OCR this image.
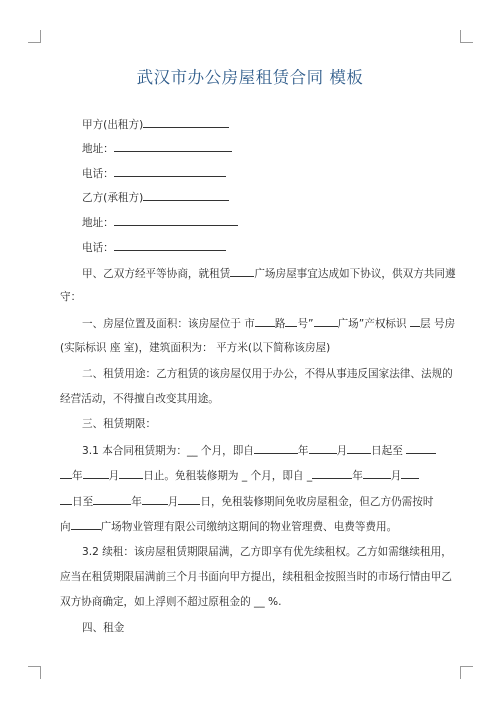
武汉市办公房屋租赁合同 模板
甲方(出租方)
地址：
电话：
乙方(承租方)
地址：
电话：
甲、乙双方经平等协商，就租赁 广场房屋事宜达成如下协议，供双方共同遵
守：
一、房屋位置及面积：该房屋位于 市 路 号” 广场”产权标识 层 号房
(实际标识 座 室)，建筑面积为： 平方米(以下简称该房屋)
二、租赁用途：乙方租赁的该房屋仅用于办公，不得从事违反国家法律、法规的
经营活动，不得擅自改变其用途。
三、租赁期限：
3.1 本合同租赁期为：__ 个月，即自	年	月 日起至
年 月 日止。免租装修期为 _ 个月，即自 _	年	月
日至	年 月 日，免租装修期间免收房屋租金，但乙方仍需按时
向	广场物业管理有限公司缴纳这期间的物业管理费、电费等费用。
3.2 续租：该房屋租赁期限届满，乙方即享有优先续租权。乙方如需继续租用，
应当在租赁期限届满前三个月书面向甲方提出，续租租金按照当时的市场行情由甲乙
双方协商确定，如上浮则不超过原租金的 __ %.
四、租金
